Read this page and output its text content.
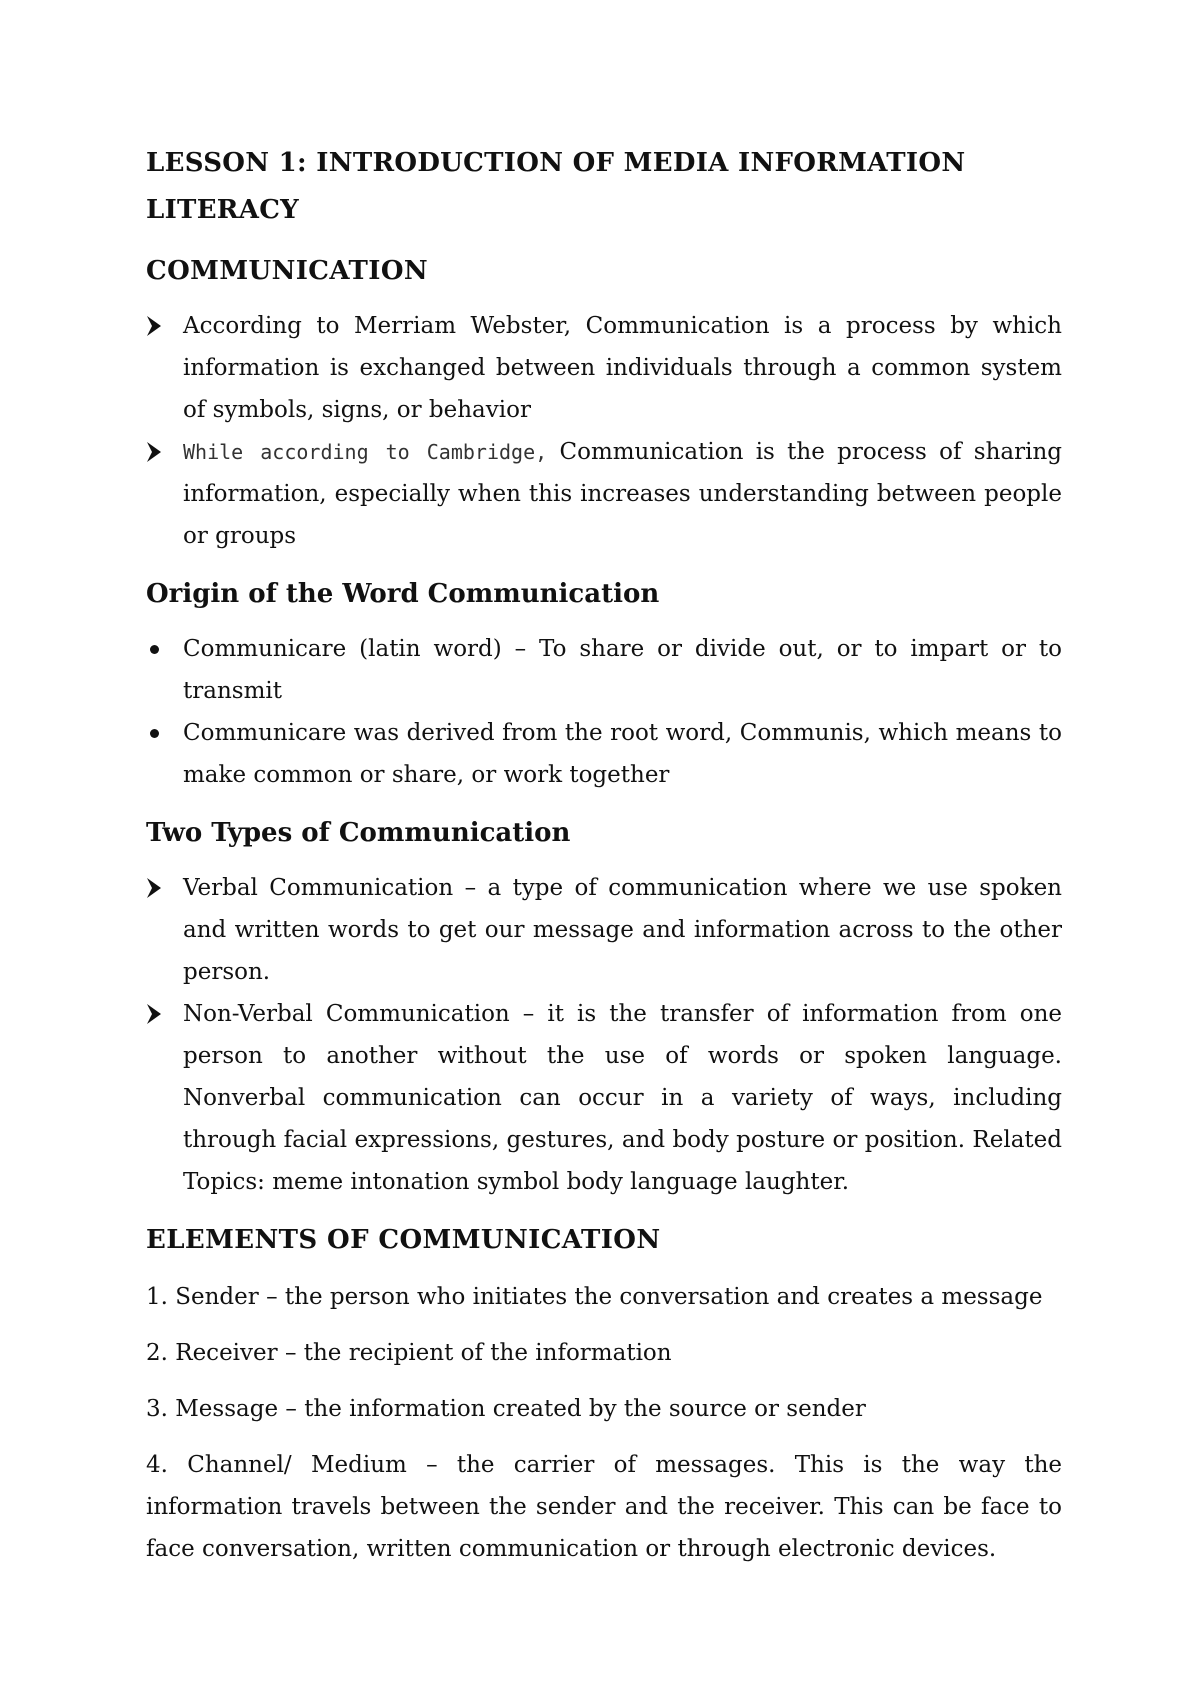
LESSON 1: INTRODUCTION OF MEDIA INFORMATION LITERACY
COMMUNICATION
According to Merriam Webster, Communication is a process by which information is exchanged between individuals through a common system of symbols, signs, or behavior
While according to Cambridge, Communication is the process of sharing information, especially when this increases understanding between people or groups
Origin of the Word Communication
Communicare (latin word) – To share or divide out, or to impart or to transmit
Communicare was derived from the root word, Communis, which means to make common or share, or work together
Two Types of Communication
Verbal Communication – a type of communication where we use spoken and written words to get our message and information across to the other person.
Non-Verbal Communication – it is the transfer of information from one person to another without the use of words or spoken language. Nonverbal communication can occur in a variety of ways, including through facial expressions, gestures, and body posture or position. Related Topics: meme intonation symbol body language laughter.
ELEMENTS OF COMMUNICATION

1. Sender – the person who initiates the conversation and creates a message

2. Receiver – the recipient of the information

3. Message – the information created by the source or sender

4. Channel/ Medium – the carrier of messages. This is the way the information travels between the sender and the receiver. This can be face to face conversation, written communication or through electronic devices.
